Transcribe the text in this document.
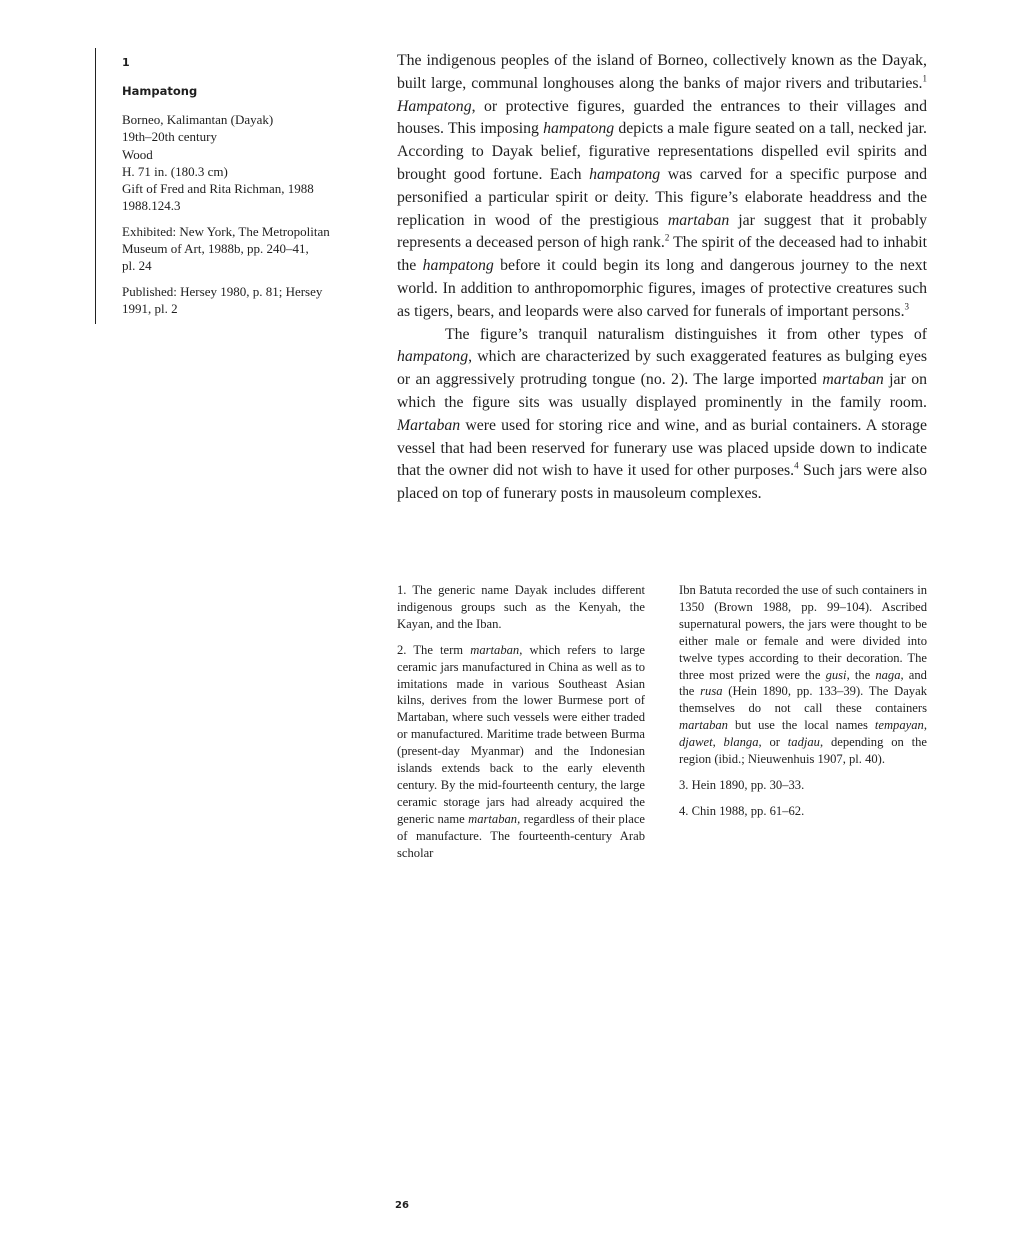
1
Hampatong
Borneo, Kalimantan (Dayak)
19th–20th century
Wood
H. 71 in. (180.3 cm)
Gift of Fred and Rita Richman, 1988
1988.124.3
Exhibited: New York, The Metropolitan
Museum of Art, 1988b, pp. 240–41,
pl. 24
Published: Hersey 1980, p. 81; Hersey
1991, pl. 2

The indigenous peoples of the island of Borneo, collectively known as the Dayak, built large, communal longhouses along the banks of major rivers and tributaries.$^1$ Hampatong, or protective figures, guarded the entrances to their villages and houses. This imposing hampatong depicts a male figure seated on a tall, necked jar. According to Dayak belief, figurative representations dispelled evil spirits and brought good fortune. Each hampatong was carved for a specific purpose and personified a particular spirit or deity. This figure’s elaborate headdress and the replication in wood of the prestigious martaban jar suggest that it probably represents a deceased person of high rank.$^2$ The spirit of the deceased had to inhabit the hampatong before it could begin its long and dangerous journey to the next world. In addition to anthropomorphic figures, images of protective creatures such as tigers, bears, and leopards were also carved for funerals of important persons.$^3$

The figure’s tranquil naturalism distinguishes it from other types of hampatong, which are characterized by such exaggerated features as bulging eyes or an aggressively protruding tongue (no. 2). The large imported martaban jar on which the figure sits was usually displayed prominently in the family room. Martaban were used for storing rice and wine, and as burial containers. A storage vessel that had been reserved for funerary use was placed upside down to indicate that the owner did not wish to have it used for other purposes.$^4$ Such jars were also placed on top of funerary posts in mausoleum complexes.

1. The generic name Dayak includes different indigenous groups such as the Kenyah, the Kayan, and the Iban.

2. The term martaban, which refers to large ceramic jars manufactured in China as well as to imitations made in various Southeast Asian kilns, derives from the lower Burmese port of Martaban, where such vessels were either traded or manufactured. Maritime trade between Burma (present-day Myanmar) and the Indonesian islands extends back to the early eleventh century. By the mid-fourteenth century, the large ceramic storage jars had already acquired the generic name martaban, regardless of their place of manufacture. The fourteenth-century Arab scholar

Ibn Batuta recorded the use of such containers in 1350 (Brown 1988, pp. 99–104). Ascribed supernatural powers, the jars were thought to be either male or female and were divided into twelve types according to their decoration. The three most prized were the gusi, the naga, and the rusa (Hein 1890, pp. 133–39). The Dayak themselves do not call these containers martaban but use the local names tempayan, djawet, blanga, or tadjau, depending on the region (ibid.; Nieuwenhuis 1907, pl. 40).

3. Hein 1890, pp. 30–33.

4. Chin 1988, pp. 61–62.

26
